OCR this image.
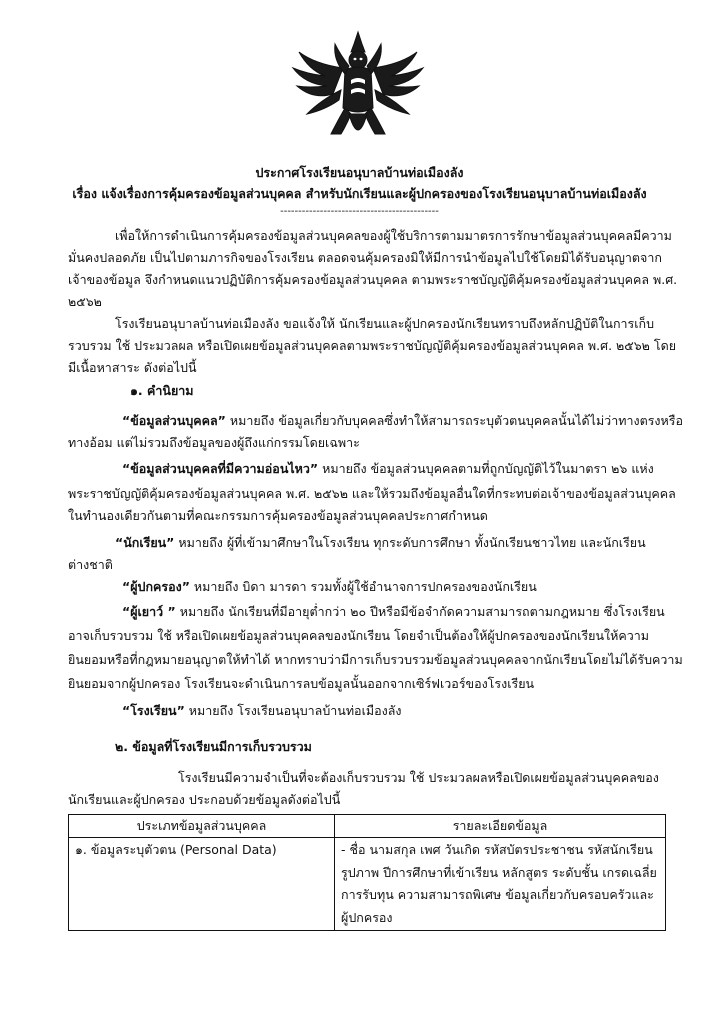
ประกาศโรงเรียนอนุบาลบ้านท่อเมืองลัง
เรื่อง แจ้งเรื่องการคุ้มครองข้อมูลส่วนบุคคล สำหรับนักเรียนและผู้ปกครองของโรงเรียนอนุบาลบ้านท่อเมืองลัง
--------------------------------------------
เพื่อให้การดำเนินการคุ้มครองข้อมูลส่วนบุคคลของผู้ใช้บริการตามมาตรการรักษาข้อมูลส่วนบุคคลมีความ
มั่นคงปลอดภัย เป็นไปตามภารกิจของโรงเรียน ตลอดจนคุ้มครองมิให้มีการนำข้อมูลไปใช้โดยมิได้รับอนุญาตจาก
เจ้าของข้อมูล จึงกำหนดแนวปฏิบัติการคุ้มครองข้อมูลส่วนบุคคล ตามพระราชบัญญัติคุ้มครองข้อมูลส่วนบุคคล พ.ศ.
๒๕๖๒
โรงเรียนอนุบาลบ้านท่อเมืองลัง ขอแจ้งให้ นักเรียนและผู้ปกครองนักเรียนทราบถึงหลักปฏิบัติในการเก็บ
รวบรวม ใช้ ประมวลผล หรือเปิดเผยข้อมูลส่วนบุคคลตามพระราชบัญญัติคุ้มครองข้อมูลส่วนบุคคล พ.ศ. ๒๕๖๒ โดย
มีเนื้อหาสาระ ดังต่อไปนี้
๑. คำนิยาม
“ข้อมูลส่วนบุคคล” หมายถึง ข้อมูลเกี่ยวกับบุคคลซึ่งทำให้สามารถระบุตัวตนบุคคลนั้นได้ไม่ว่าทางตรงหรือ
ทางอ้อม แต่ไม่รวมถึงข้อมูลของผู้ถึงแก่กรรมโดยเฉพาะ
“ข้อมูลส่วนบุคคลที่มีความอ่อนไหว” หมายถึง ข้อมูลส่วนบุคคลตามที่ถูกบัญญัติไว้ในมาตรา ๒๖ แห่ง
พระราชบัญญัติคุ้มครองข้อมูลส่วนบุคคล พ.ศ. ๒๕๖๒ และให้รวมถึงข้อมูลอื่นใดที่กระทบต่อเจ้าของข้อมูลส่วนบุคคล
ในทำนองเดียวกันตามที่คณะกรรมการคุ้มครองข้อมูลส่วนบุคคลประกาศกำหนด
“นักเรียน” หมายถึง ผู้ที่เข้ามาศึกษาในโรงเรียน ทุกระดับการศึกษา ทั้งนักเรียนชาวไทย และนักเรียน
ต่างชาติ
“ผู้ปกครอง” หมายถึง บิดา มารดา รวมทั้งผู้ใช้อำนาจการปกครองของนักเรียน
“ผู้เยาว์ ” หมายถึง นักเรียนที่มีอายุต่ำกว่า ๒๐ ปีหรือมีข้อจำกัดความสามารถตามกฎหมาย ซึ่งโรงเรียน
อาจเก็บรวบรวม ใช้ หรือเปิดเผยข้อมูลส่วนบุคคลของนักเรียน โดยจำเป็นต้องให้ผู้ปกครองของนักเรียนให้ความ
ยินยอมหรือที่กฎหมายอนุญาตให้ทำได้ หากทราบว่ามีการเก็บรวบรวมข้อมูลส่วนบุคคลจากนักเรียนโดยไม่ได้รับความ
ยินยอมจากผู้ปกครอง โรงเรียนจะดำเนินการลบข้อมูลนั้นออกจากเซิร์ฟเวอร์ของโรงเรียน
“โรงเรียน” หมายถึง โรงเรียนอนุบาลบ้านท่อเมืองลัง
๒. ข้อมูลที่โรงเรียนมีการเก็บรวบรวม
โรงเรียนมีความจำเป็นที่จะต้องเก็บรวบรวม ใช้ ประมวลผลหรือเปิดเผยข้อมูลส่วนบุคคลของ
นักเรียนและผู้ปกครอง ประกอบด้วยข้อมูลดังต่อไปนี้
ประเภทข้อมูลส่วนบุคคล	รายละเอียดข้อมูล
๑. ข้อมูลระบุตัวตน (Personal Data)	- ชื่อ นามสกุล เพศ วันเกิด รหัสบัตรประชาชน รหัสนักเรียน
รูปภาพ ปีการศึกษาที่เข้าเรียน หลักสูตร ระดับชั้น เกรดเฉลี่ย
การรับทุน ความสามารถพิเศษ ข้อมูลเกี่ยวกับครอบครัวและ
ผู้ปกครอง
